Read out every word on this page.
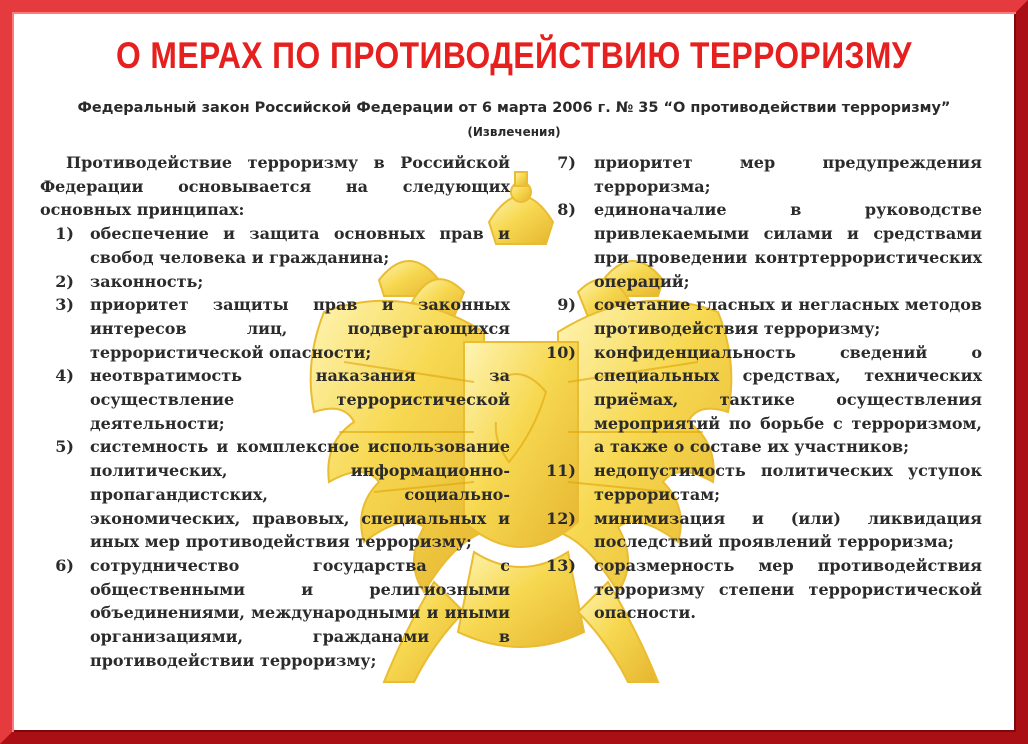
О МЕРАХ ПО ПРОТИВОДЕЙСТВИЮ ТЕРРОРИЗМУ
Федеральный закон Российской Федерации от 6 марта 2006 г. № 35 “О противодействии терроризму”
(Извлечения)

Противодействие терроризму в Российской Федерации основывается на следующих основных принципах:

1) обеспечение и защита основных прав и свобод человека и гражданина;
2) законность;
3) приоритет защиты прав и законных интересов лиц, подвергающихся террористической опасности;
4) неотвратимость наказания за осуществление террористической деятельности;
5) системность и комплексное использование политических, информационно-пропагандистских, социально-экономических, правовых, специальных и иных мер противодействия терроризму;
6) сотрудничество государства с общественными и религиозными объединениями, международными и иными организациями, гражданами в противодействии терроризму;
7) приоритет мер предупреждения терроризма;
8) единоначалие в руководстве привлекаемыми силами и средствами при проведении контртеррористических операций;
9) сочетание гласных и негласных методов противодействия терроризму;
10) конфиденциальность сведений о специальных средствах, технических приёмах, тактике осуществления мероприятий по борьбе с терроризмом, а также о составе их участников;
11) недопустимость политических уступок террористам;
12) минимизация и (или) ликвидация последствий проявлений терроризма;
13) соразмерность мер противодействия терроризму степени террористической опасности.
